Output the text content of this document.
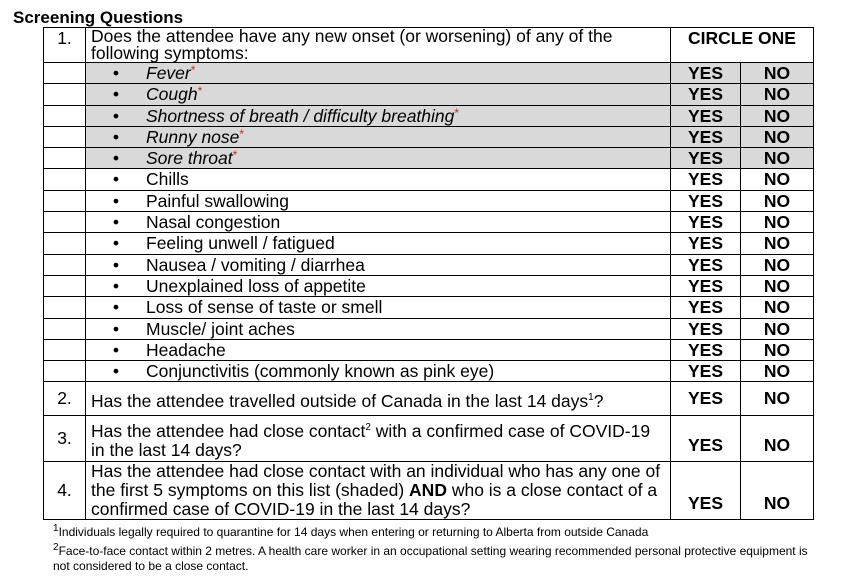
Screening Questions
1.	Does the attendee have any new onset (or worsening) of any of the following symptoms:	CIRCLE ONE	
	• Fever*	YES	NO
	• Cough*	YES	NO
	• Shortness of breath / difficulty breathing*	YES	NO
	• Runny nose*	YES	NO
	• Sore throat*	YES	NO
	• Chills	YES	NO
	• Painful swallowing	YES	NO
	• Nasal congestion	YES	NO
	• Feeling unwell / fatigued	YES	NO
	• Nausea / vomiting / diarrhea	YES	NO
	• Unexplained loss of appetite	YES	NO
	• Loss of sense of taste or smell	YES	NO
	• Muscle/ joint aches	YES	NO
	• Headache	YES	NO
	• Conjunctivitis (commonly known as pink eye)	YES	NO
2.	Has the attendee travelled outside of Canada in the last 14 days$^1$?	YES	NO
3.	Has the attendee had close contact$^2$ with a confirmed case of COVID-19 in the last 14 days?	YES	NO
4.	Has the attendee had close contact with an individual who has any one of the first 5 symptoms on this list (shaded) AND who is a close contact of a confirmed case of COVID-19 in the last 14 days?	YES	NO
$^1$Individuals legally required to quarantine for 14 days when entering or returning to Alberta from outside Canada
$^2$Face-to-face contact within 2 metres. A health care worker in an occupational setting wearing recommended personal protective equipment is not considered to be a close contact.
